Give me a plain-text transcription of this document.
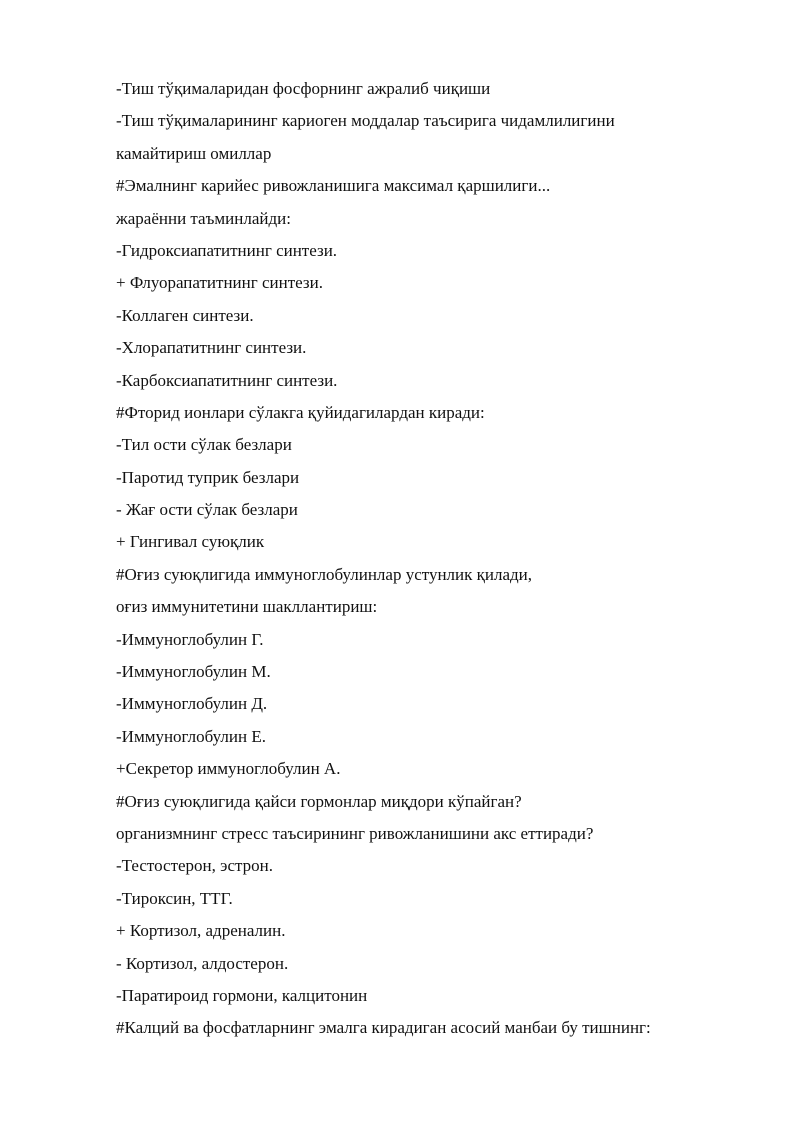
-Тиш тўқималаридан фосфорнинг ажралиб чиқиши
-Тиш тўқималарининг кариоген моддалар таъсирига чидамлилигини
камайтириш омиллар
#Эмалнинг карийес ривожланишига максимал қаршилиги...
жараённи таъминлайди:
-Гидроксиапатитнинг синтези.
+ Флуорапатитнинг синтези.
-Коллаген синтези.
-Хлорапатитнинг синтези.
-Карбоксиапатитнинг синтези.
#Фторид ионлари сўлакга қуйидагилардан киради:
-Тил ости сўлак безлари
-Паротид туприк безлари
- Жағ ости сўлак безлари
+ Гингивал суюқлик
#Оғиз суюқлигида иммуноглобулинлар устунлик қилади,
оғиз иммунитетини шакллантириш:
-Иммуноглобулин Г.
-Иммуноглобулин М.
-Иммуноглобулин Д.
-Иммуноглобулин Е.
+Секретор иммуноглобулин А.
#Оғиз суюқлигида қайси гормонлар миқдори кўпайган?
организмнинг стресс таъсирининг ривожланишини акс еттиради?
-Тестостерон, эстрон.
-Тироксин, ТТГ.
+ Кортизол, адреналин.
- Кортизол, алдостерон.
-Паратироид гормони, калцитонин
#Калций ва фосфатларнинг эмалга кирадиган асосий манбаи бу тишнинг:
